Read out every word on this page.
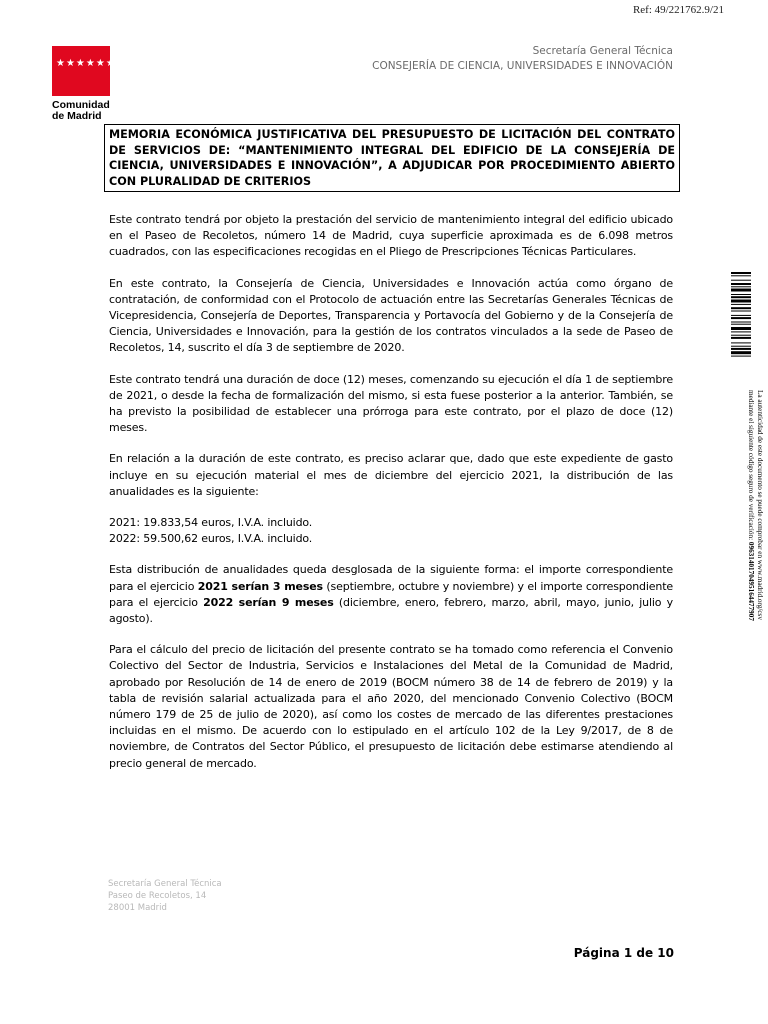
Ref: 49/221762.9/21
★★★★★★★
Comunidad
de Madrid
Secretaría General Técnica
CONSEJERÍA DE CIENCIA, UNIVERSIDADES E INNOVACIÓN
MEMORIA ECONÓMICA JUSTIFICATIVA DEL PRESUPUESTO DE LICITACIÓN DEL CONTRATO DE SERVICIOS DE: “MANTENIMIENTO INTEGRAL DEL EDIFICIO DE LA CONSEJERÍA DE CIENCIA, UNIVERSIDADES E INNOVACIÓN”, A ADJUDICAR POR PROCEDIMIENTO ABIERTO CON PLURALIDAD DE CRITERIOS

Este contrato tendrá por objeto la prestación del servicio de mantenimiento integral del edificio ubicado en el Paseo de Recoletos, número 14 de Madrid, cuya superficie aproximada es de 6.098 metros cuadrados, con las especificaciones recogidas en el Pliego de Prescripciones Técnicas Particulares.

En este contrato, la Consejería de Ciencia, Universidades e Innovación actúa como órgano de contratación, de conformidad con el Protocolo de actuación entre las Secretarías Generales Técnicas de Vicepresidencia, Consejería de Deportes, Transparencia y Portavocía del Gobierno y de la Consejería de Ciencia, Universidades e Innovación, para la gestión de los contratos vinculados a la sede de Paseo de Recoletos, 14, suscrito el día 3 de septiembre de 2020.

Este contrato tendrá una duración de doce (12) meses, comenzando su ejecución el día 1 de septiembre de 2021, o desde la fecha de formalización del mismo, si esta fuese posterior a la anterior. También, se ha previsto la posibilidad de establecer una prórroga para este contrato, por el plazo de doce (12) meses.

En relación a la duración de este contrato, es preciso aclarar que, dado que este expediente de gasto incluye en su ejecución material el mes de diciembre del ejercicio 2021, la distribución de las anualidades es la siguiente:

2021: 19.833,54 euros, I.V.A. incluido.

2022: 59.500,62 euros, I.V.A. incluido.

Esta distribución de anualidades queda desglosada de la siguiente forma: el importe correspondiente para el ejercicio 2021 serían 3 meses (septiembre, octubre y noviembre) y el importe correspondiente para el ejercicio 2022 serían 9 meses (diciembre, enero, febrero, marzo, abril, mayo, junio, julio y agosto).

Para el cálculo del precio de licitación del presente contrato se ha tomado como referencia el Convenio Colectivo del Sector de Industria, Servicios e Instalaciones del Metal de la Comunidad de Madrid, aprobado por Resolución de 14 de enero de 2019 (BOCM número 38 de 14 de febrero de 2019) y la tabla de revisión salarial actualizada para el año 2020, del mencionado Convenio Colectivo (BOCM número 179 de 25 de julio de 2020), así como los costes de mercado de las diferentes prestaciones incluidas en el mismo. De acuerdo con lo estipulado en el artículo 102 de la Ley 9/2017, de 8 de noviembre, de Contratos del Sector Público, el presupuesto de licitación debe estimarse atendiendo al precio general de mercado.

Secretaría General Técnica
Paseo de Recoletos, 14
28001 Madrid
Página 1 de 10
La autenticidad de este documento se puede comprobar en www.madrid.org/csv
mediante el siguiente código seguro de verificación: 0963140170495164477907
